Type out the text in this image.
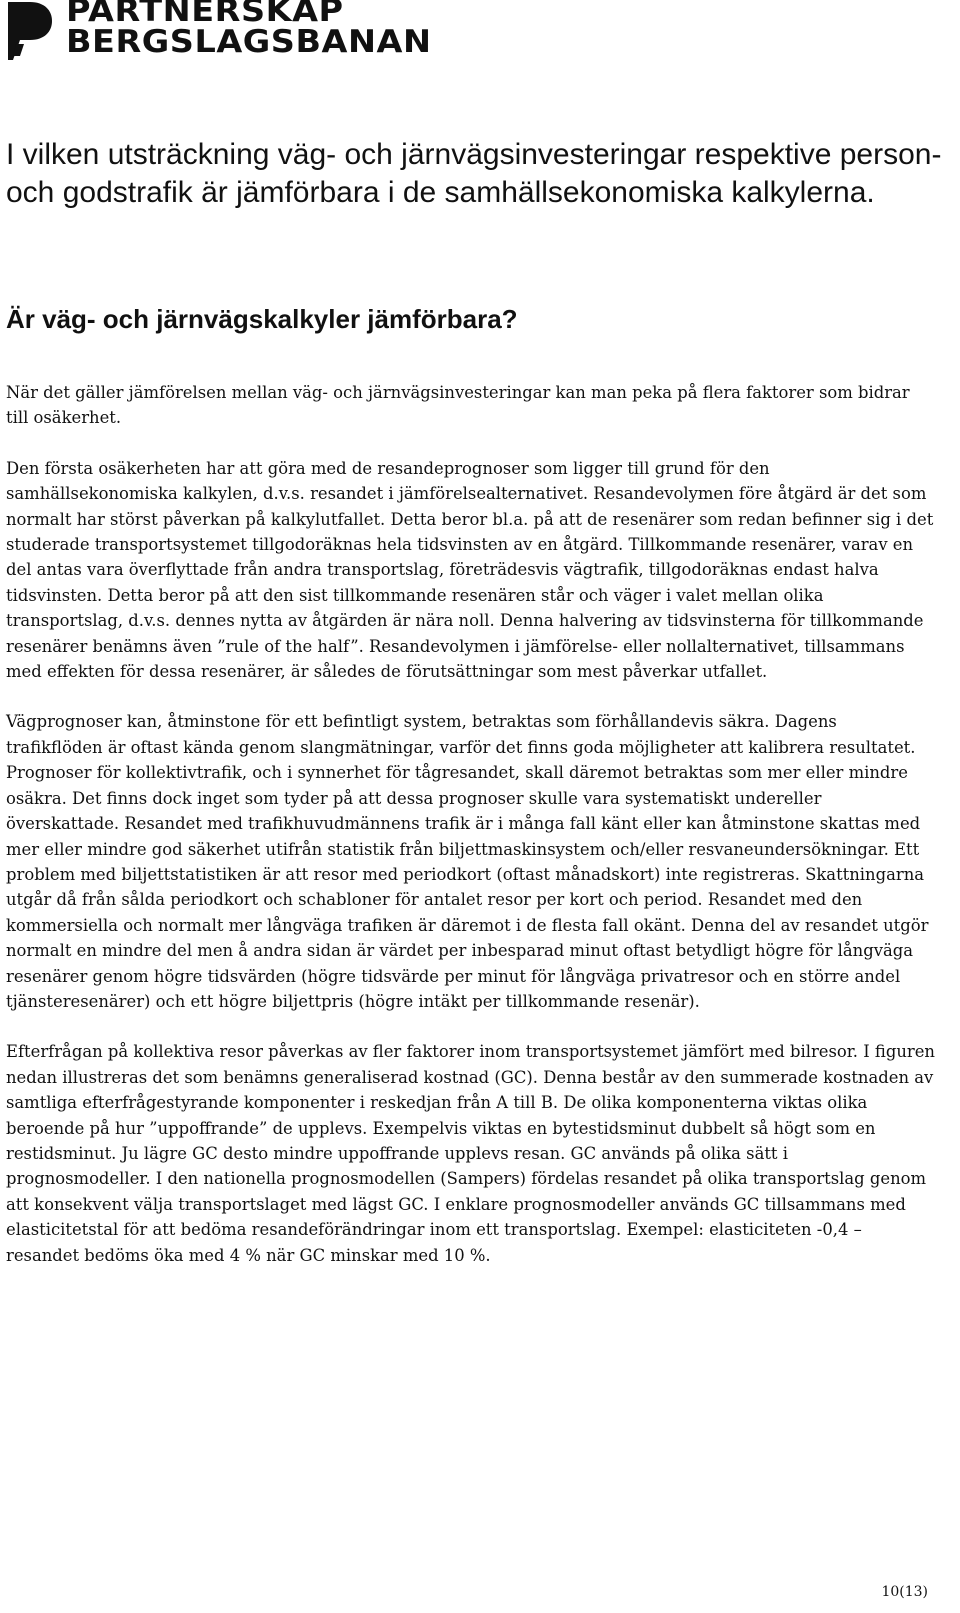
PARTNERSKAP
BERGSLAGSBANAN
I vilken utsträckning väg- och järnvägsinvesteringar respektive person- och godstrafik är jämförbara i de samhällsekonomiska kalkylerna.
Är väg- och järnvägskalkyler jämförbara?

När det gäller jämförelsen mellan väg- och järnvägsinvesteringar kan man peka på flera faktorer som bidrar till osäkerhet.

Den första osäkerheten har att göra med de resandeprognoser som ligger till grund för den samhällsekonomiska kalkylen, d.v.s. resandet i jämförelsealternativet. Resandevolymen före åtgärd är det som normalt har störst påverkan på kalkylutfallet. Detta beror bl.a. på att de resenärer som redan befinner sig i det studerade transportsystemet tillgodoräknas hela tidsvinsten av en åtgärd. Tillkommande resenärer, varav en del antas vara överflyttade från andra transportslag, företrädesvis vägtrafik, tillgodoräknas endast halva tidsvinsten. Detta beror på att den sist tillkommande resenären står och väger i valet mellan olika transportslag, d.v.s. dennes nytta av åtgärden är nära noll. Denna halvering av tidsvinsterna för tillkommande resenärer benämns även ”rule of the half”. Resandevolymen i jämförelse- eller nollalternativet, tillsammans med effekten för dessa resenärer, är således de förutsättningar som mest påverkar utfallet.

Vägprognoser kan, åtminstone för ett befintligt system, betraktas som förhållandevis säkra. Dagens trafikflöden är oftast kända genom slangmätningar, varför det finns goda möjligheter att kalibrera resultatet. Prognoser för kollektivtrafik, och i synnerhet för tågresandet, skall däremot betraktas som mer eller mindre osäkra. Det finns dock inget som tyder på att dessa prognoser skulle vara systematiskt undereller överskattade. Resandet med trafikhuvudmännens trafik är i många fall känt eller kan åtminstone skattas med mer eller mindre god säkerhet utifrån statistik från biljettmaskinsystem och/eller resvaneundersökningar. Ett problem med biljettstatistiken är att resor med periodkort (oftast månadskort) inte registreras. Skattningarna utgår då från sålda periodkort och schabloner för antalet resor per kort och period. Resandet med den kommersiella och normalt mer långväga trafiken är däremot i de flesta fall okänt. Denna del av resandet utgör normalt en mindre del men å andra sidan är värdet per inbesparad minut oftast betydligt högre för långväga resenärer genom högre tidsvärden (högre tidsvärde per minut för långväga privatresor och en större andel tjänsteresenärer) och ett högre biljettpris (högre intäkt per tillkommande resenär).

Efterfrågan på kollektiva resor påverkas av fler faktorer inom transportsystemet jämfört med bilresor. I figuren nedan illustreras det som benämns generaliserad kostnad (GC). Denna består av den summerade kostnaden av samtliga efterfrågestyrande komponenter i reskedjan från A till B. De olika komponenterna viktas olika beroende på hur ”uppoffrande” de upplevs. Exempelvis viktas en bytestidsminut dubbelt så högt som en restidsminut. Ju lägre GC desto mindre uppoffrande upplevs resan. GC används på olika sätt i prognosmodeller. I den nationella prognosmodellen (Sampers) fördelas resandet på olika transportslag genom att konsekvent välja transportslaget med lägst GC. I enklare prognosmodeller används GC tillsammans med elasticitetstal för att bedöma resandeförändringar inom ett transportslag. Exempel: elasticiteten -0,4 – resandet bedöms öka med 4 % när GC minskar med 10 %.

10(13)
